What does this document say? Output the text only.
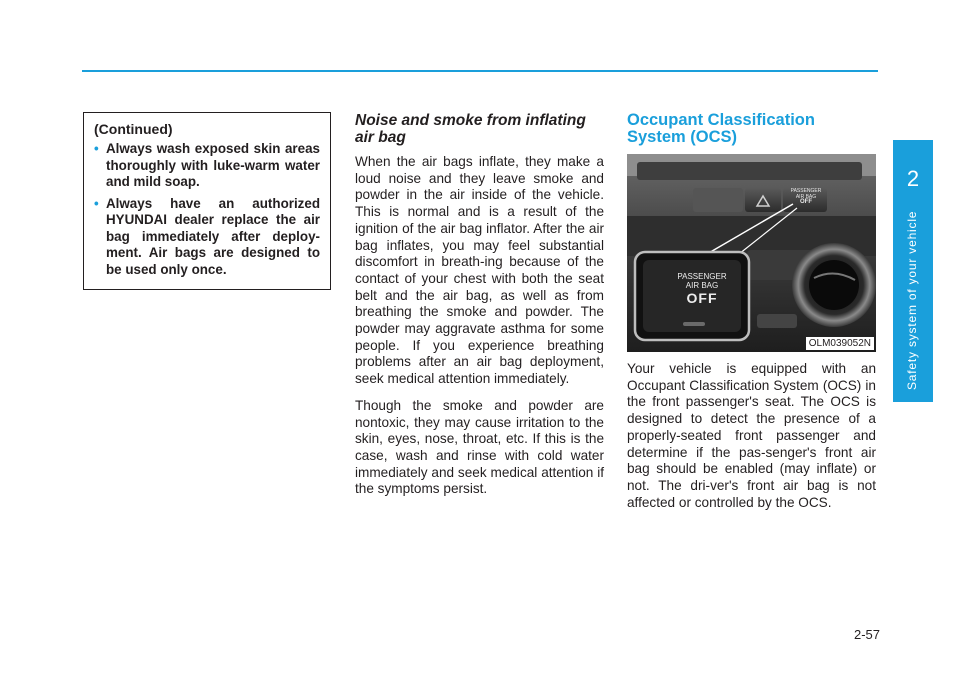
2
Safety system of your vehicle
(Continued)
• Always wash exposed skin areas thoroughly with luke-warm water and mild soap.
• Always have an authorized HYUNDAI dealer replace the air bag immediately after deploy-ment. Air bags are designed to be used only once.
Noise and smoke from inflating air bag

When the air bags inflate, they make a loud noise and they leave smoke and powder in the air inside of the vehicle. This is normal and is a result of the ignition of the air bag inflator. After the air bag inflates, you may feel substantial discomfort in breath-ing because of the contact of your chest with both the seat belt and the air bag, as well as from breathing the smoke and powder. The powder may aggravate asthma for some people. If you experience breathing problems after an air bag deployment, seek medical attention immediately.

Though the smoke and powder are nontoxic, they may cause irritation to the skin, eyes, nose, throat, etc. If this is the case, wash and rinse with cold water immediately and seek medical attention if the symptoms persist.

Occupant Classification System (OCS)
PASSENGER
AIR BAG
OFF
PASSENGER
AIR BAG
OFF
OLM039052N

Your vehicle is equipped with an Occupant Classification System (OCS) in the front passenger's seat. The OCS is designed to detect the presence of a properly-seated front passenger and determine if the pas-senger's front air bag should be enabled (may inflate) or not. The dri-ver's front air bag is not affected or controlled by the OCS.

2-57
